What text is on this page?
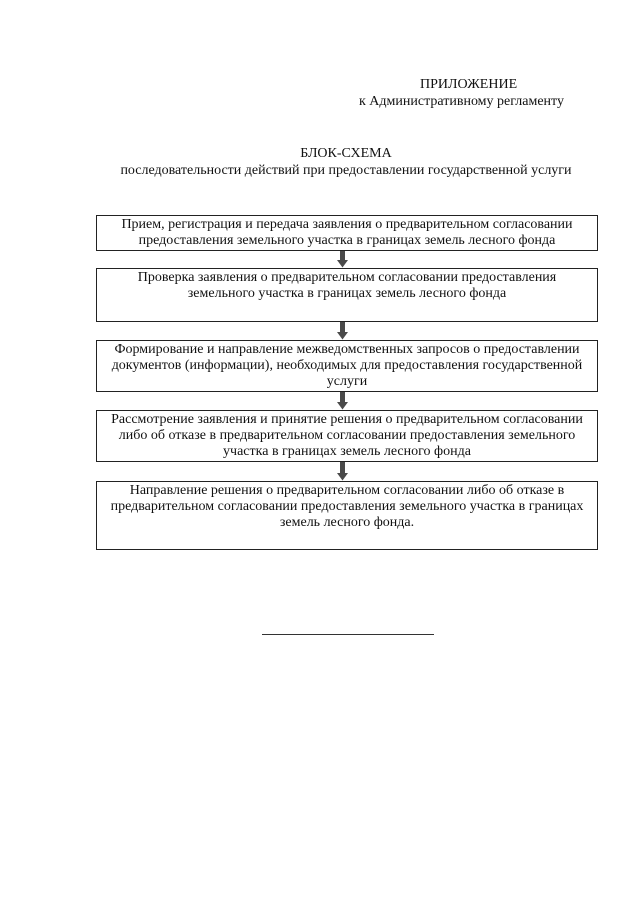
ПРИЛОЖЕНИЕ
к Административному регламенту
БЛОК-СХЕМА
последовательности действий при предоставлении государственной услуги
Прием, регистрация и передача заявления о предварительном согласовании предоставления земельного участка в границах земель лесного фонда
Проверка заявления о предварительном согласовании предоставления земельного участка в границах земель лесного фонда
Формирование и направление межведомственных запросов о предоставлении документов (информации), необходимых для предоставления государственной услуги
Рассмотрение заявления и принятие решения о предварительном согласовании либо об отказе в предварительном согласовании предоставления земельного участка в границах земель лесного фонда
Направление решения о предварительном согласовании либо об отказе в предварительном согласовании предоставления земельного участка в границах земель лесного фонда.
